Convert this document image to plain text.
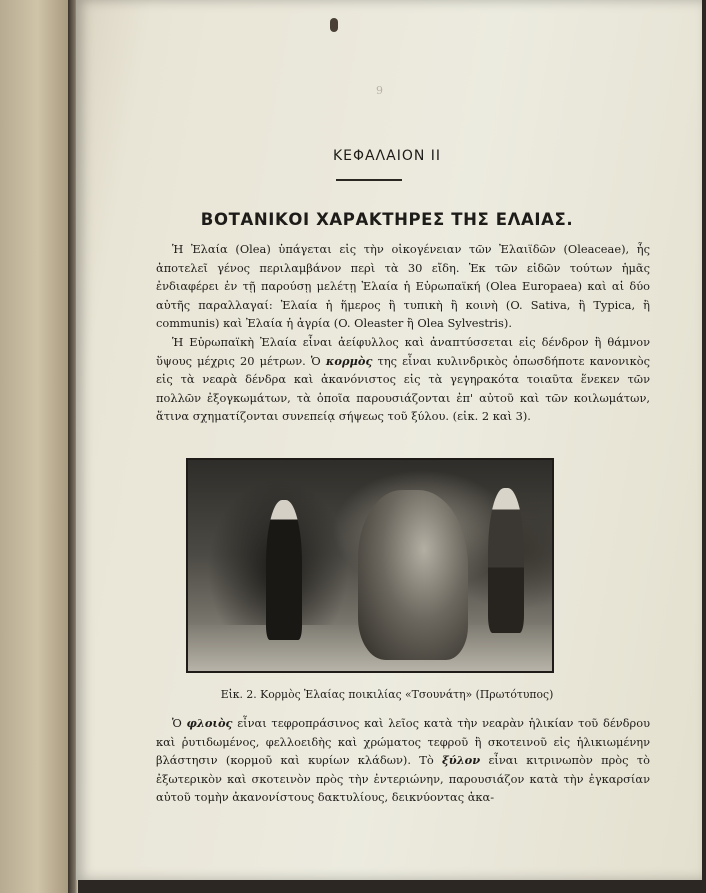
9
ΚΕΦΑΛΑΙΟΝ ΙΙ
ΒΟΤΑΝΙΚΟΙ ΧΑΡΑΚΤΗΡΕΣ ΤΗΣ ΕΛΑΙΑΣ.

Ἡ Ἐλαία (Olea) ὑπάγεται εἰς τὴν οἰκογένειαν τῶν Ἐλαιϊδῶν (Oleaceae), ἧς ἀποτελεῖ γένος περιλαμβάνον περὶ τὰ 30 εἴδη. Ἐκ τῶν εἰδῶν τούτων ἡμᾶς ἐνδιαφέρει ἐν τῇ παρούσῃ μελέτῃ Ἐλαία ἡ Εὐρωπαϊκή (Olea Europaea) καὶ αἱ δύο αὐτῆς παραλλαγαί: Ἐλαία ἡ ἥμερος ἢ τυπικὴ ἢ κοινὴ (O. Sativa, ἢ Typica, ἢ communis) καὶ Ἐλαία ἡ ἀγρία (O. Oleaster ἢ Olea Sylvestris).

Ἡ Εὐρωπαϊκὴ Ἐλαία εἶναι ἀείφυλλος καὶ ἀναπτύσσεται εἰς δένδρον ἢ θάμνον ὕψους μέχρις 20 μέτρων. Ὁ κορμὸς της εἶναι κυλινδρικὸς ὁπωσδήποτε κανονικὸς εἰς τὰ νεαρὰ δένδρα καὶ ἀκανόνιστος εἰς τὰ γεγηρακότα τοιαῦτα ἕνεκεν τῶν πολλῶν ἐξογκωμάτων, τὰ ὁποῖα παρουσιάζονται ἐπ' αὐτοῦ καὶ τῶν κοιλωμάτων, ἅτινα σχηματίζονται συνεπείᾳ σήψεως τοῦ ξύλου. (εἰκ. 2 καὶ 3).

Εἰκ. 2. Κορμὸς Ἐλαίας ποικιλίας «Τσουνάτη» (Πρωτότυπος)

Ὁ φλοιὸς εἶναι τεφροπράσινος καὶ λεῖος κατὰ τὴν νεαρὰν ἡλικίαν τοῦ δένδρου καὶ ῥυτιδωμένος, φελλοειδὴς καὶ χρώματος τεφροῦ ἢ σκοτεινοῦ εἰς ἡλικιωμένην βλάστησιν (κορμοῦ καὶ κυρίων κλάδων). Τὸ ξύλον εἶναι κιτρινωπὸν πρὸς τὸ ἐξωτερικὸν καὶ σκοτεινὸν πρὸς τὴν ἐντεριώνην, παρουσιάζον κατὰ τὴν ἐγκαρσίαν αὐτοῦ τομὴν ἀκανονίστους δακτυλίους, δεικνύοντας ἀκα-
